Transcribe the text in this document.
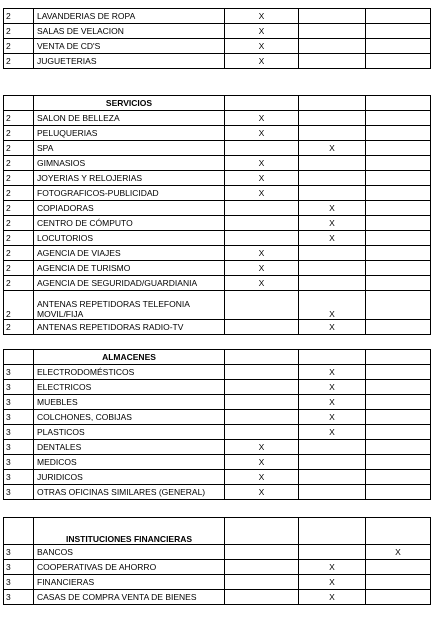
2	LAVANDERIAS DE ROPA	X		
2	SALAS DE VELACION	X		
2	VENTA DE CD'S	X		
2	JUGUETERIAS	X		
	SERVICIOS			
2	SALON DE BELLEZA	X		
2	PELUQUERIAS	X		
2	SPA		X	
2	GIMNASIOS	X		
2	JOYERIAS Y RELOJERIAS	X		
2	FOTOGRAFICOS-PUBLICIDAD	X		
2	COPIADORAS		X	
2	CENTRO DE CÓMPUTO		X	
2	LOCUTORIOS		X	
2	AGENCIA DE VIAJES	X		
2	AGENCIA DE TURISMO	X		
2	AGENCIA DE SEGURIDAD/GUARDIANIA	X		
2	ANTENAS REPETIDORAS TELEFONIA MOVIL/FIJA		X	
2	ANTENAS REPETIDORAS RADIO-TV		X	
	ALMACENES			
3	ELECTRODOMÉSTICOS		X	
3	ELECTRICOS		X	
3	MUEBLES		X	
3	COLCHONES, COBIJAS		X	
3	PLASTICOS		X	
3	DENTALES	X		
3	MEDICOS	X		
3	JURIDICOS	X		
3	OTRAS OFICINAS SIMILARES (GENERAL)	X		
	INSTITUCIONES FINANCIERAS			
3	BANCOS			X
3	COOPERATIVAS DE AHORRO		X	
3	FINANCIERAS		X	
3	CASAS DE COMPRA VENTA DE BIENES		X	
